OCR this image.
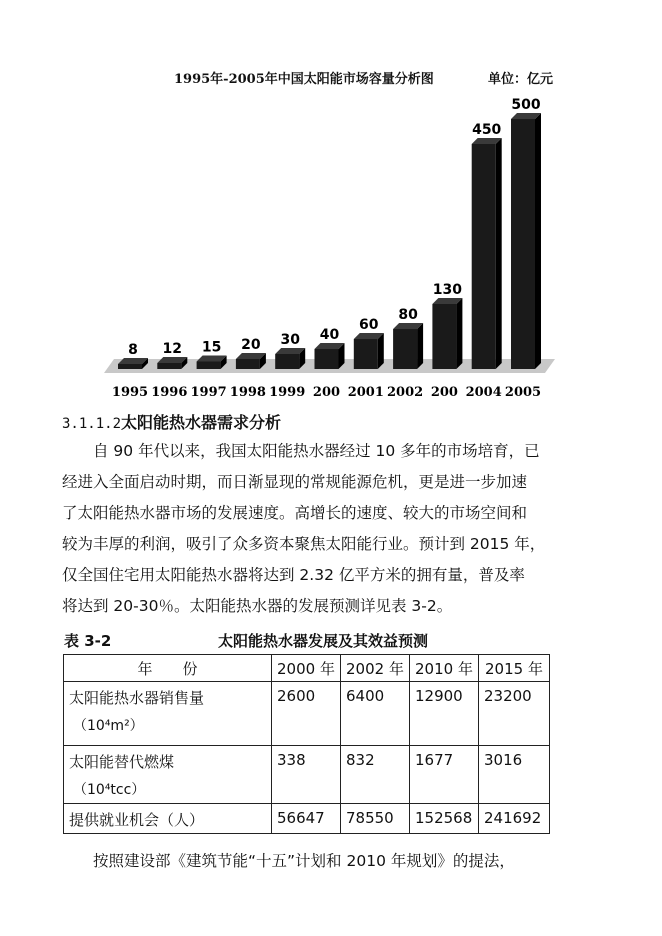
1995年-2005年中国太阳能市场容量分析图	单位：亿元
8
1995
12
1996
15
1997
20
1998
30
1999
40
200
60
2001
80
2002
130
200
450
2004
500
2005
3.1.1.2太阳能热水器需求分析
　　自 90 年代以来，我国太阳能热水器经过 10 多年的市场培育，已
经进入全面启动时期，而日渐显现的常规能源危机，更是进一步加速
了太阳能热水器市场的发展速度。高增长的速度、较大的市场空间和
较为丰厚的利润，吸引了众多资本聚焦太阳能行业。预计到 2015 年，
仅全国住宅用太阳能热水器将达到 2.32 亿平方米的拥有量，普及率
将达到 20-30％。太阳能热水器的发展预测详见表 3-2。
表 3-2	太阳能热水器发展及其效益预测
年　　份	2000 年	2002 年	2010 年	2015 年
太阳能热水器销售量
（10⁴m²）	2600	6400	12900	23200
太阳能替代燃煤
（10⁴tcc）	338	832	1677	3016
提供就业机会（人）	56647	78550	152568	241692
　　按照建设部《建筑节能“十五”计划和 2010 年规划》的提法，
